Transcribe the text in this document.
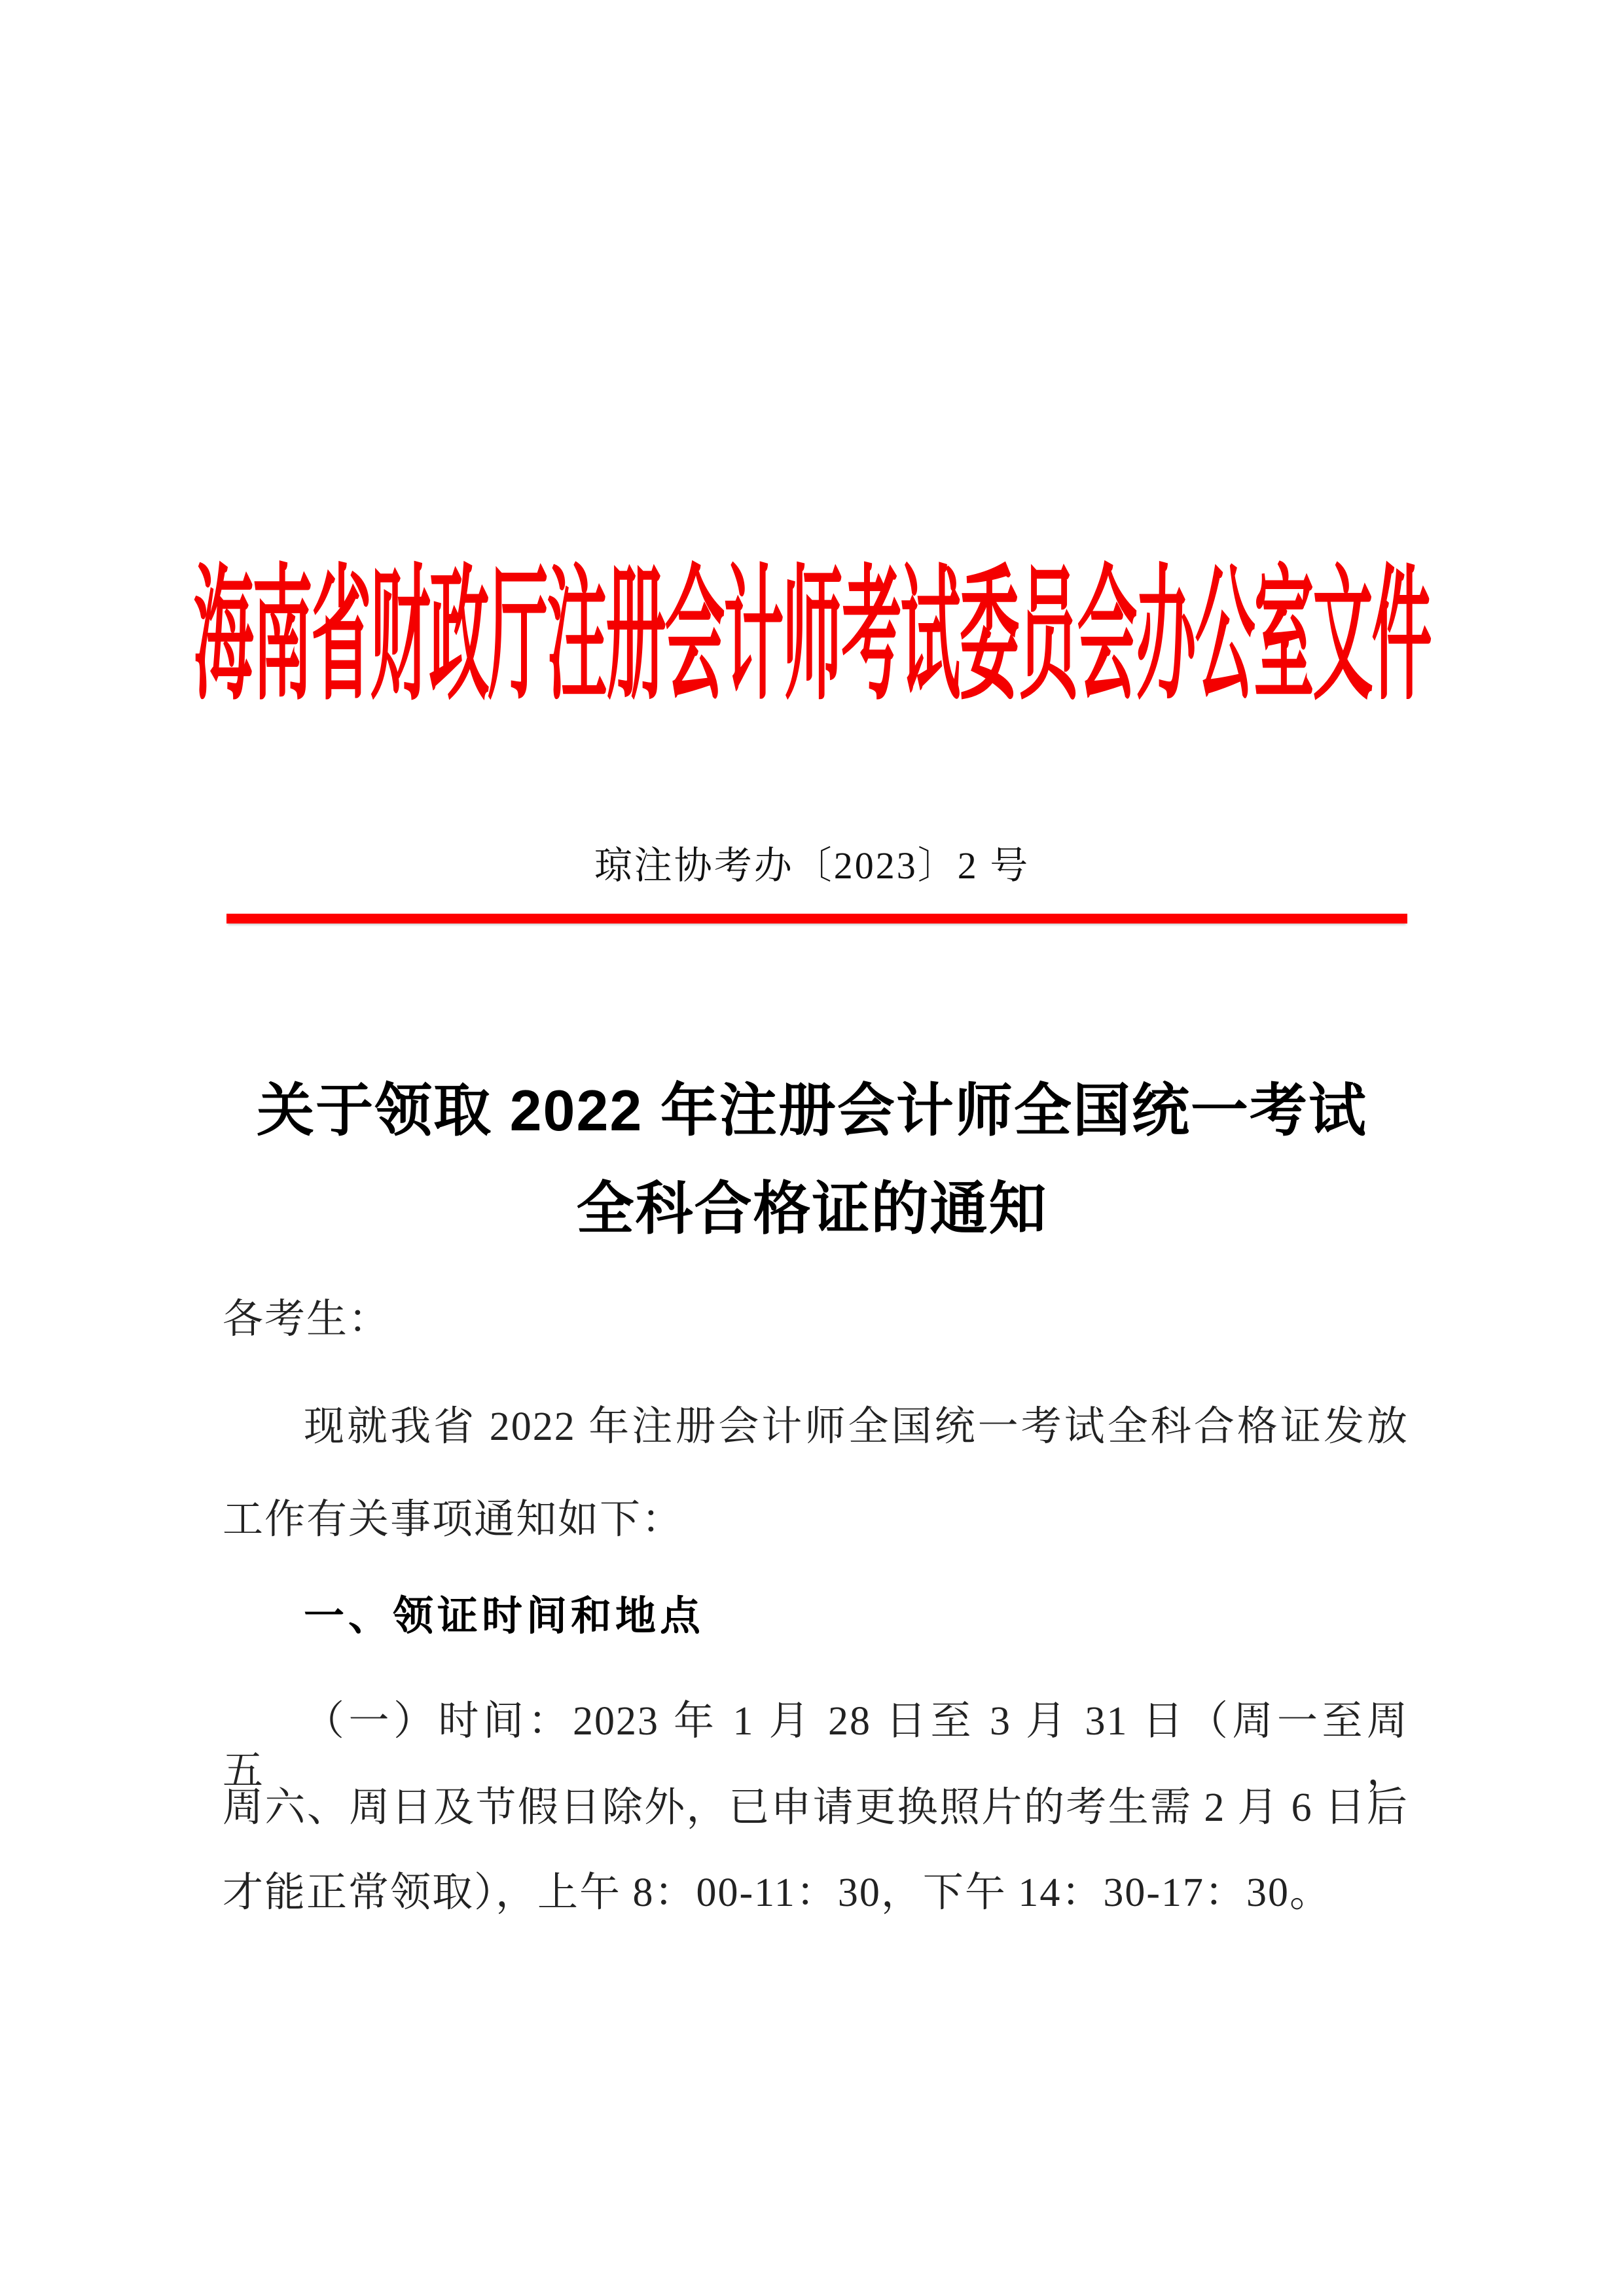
海南省财政厅注册会计师考试委员会办公室文件
琼注协考办〔2023〕2 号
关于领取 2022 年注册会计师全国统一考试
全科合格证的通知
各考生：
现就我省 2022 年注册会计师全国统一考试全科合格证发放
工作有关事项通知如下：
一、领证时间和地点
（一）时间：2023 年 1 月 28 日至 3 月 31 日（周一至周五，
周六、周日及节假日除外，已申请更换照片的考生需 2 月 6 日后
才能正常领取），上午 8：00-11：30，下午 14：30-17：30。
